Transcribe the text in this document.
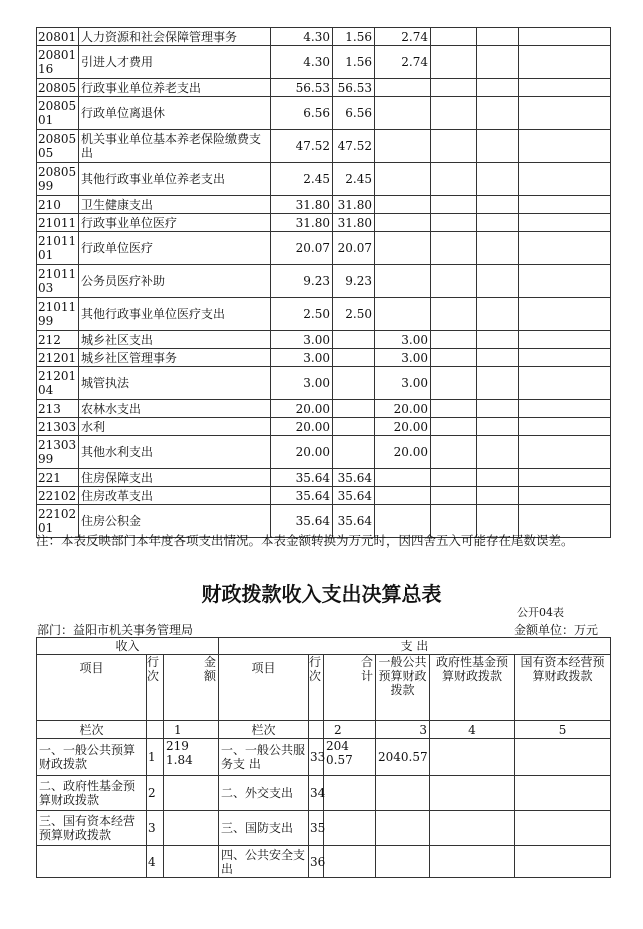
20801	人力资源和社会保障管理事务	4.30	1.56	2.74			
2080116	引进人才费用	4.30	1.56	2.74			
20805	行政事业单位养老支出	56.53	56.53				
2080501	行政单位离退休	6.56	6.56				
2080505	机关事业单位基本养老保险缴费支出	47.52	47.52				
2080599	其他行政事业单位养老支出	2.45	2.45				
210	卫生健康支出	31.80	31.80				
21011	行政事业单位医疗	31.80	31.80				
2101101	行政单位医疗	20.07	20.07				
2101103	公务员医疗补助	9.23	9.23				
2101199	其他行政事业单位医疗支出	2.50	2.50				
212	城乡社区支出	3.00		3.00			
21201	城乡社区管理事务	3.00		3.00			
2120104	城管执法	3.00		3.00			
213	农林水支出	20.00		20.00			
21303	水利	20.00		20.00			
2130399	其他水利支出	20.00		20.00			
221	住房保障支出	35.64	35.64				
22102	住房改革支出	35.64	35.64				
2210201	住房公积金	35.64	35.64				
注：本表反映部门本年度各项支出情况。本表金额转换为万元时，因四舍五入可能存在尾数误差。
财政拨款收入支出决算总表
公开04表
部门：益阳市机关事务管理局	金额单位：万元
收入			支 出					
项目	行次	金额	项目	行次	合计	一般公共预算财政拨款	政府性基金预算财政拨款	国有资本经营预算财政拨款
栏次		1	栏次		2	3	4	5
一、一般公共预算财政拨款	1	219 1.84	一、一般公共服务支 出	33	204 0.57	2040.57		
二、政府性基金预算财政拨款	2		二、外交支出	34				
三、国有资本经营预算财政拨款	3		三、国防支出	35				
	4		四、公共安全支出	36				
